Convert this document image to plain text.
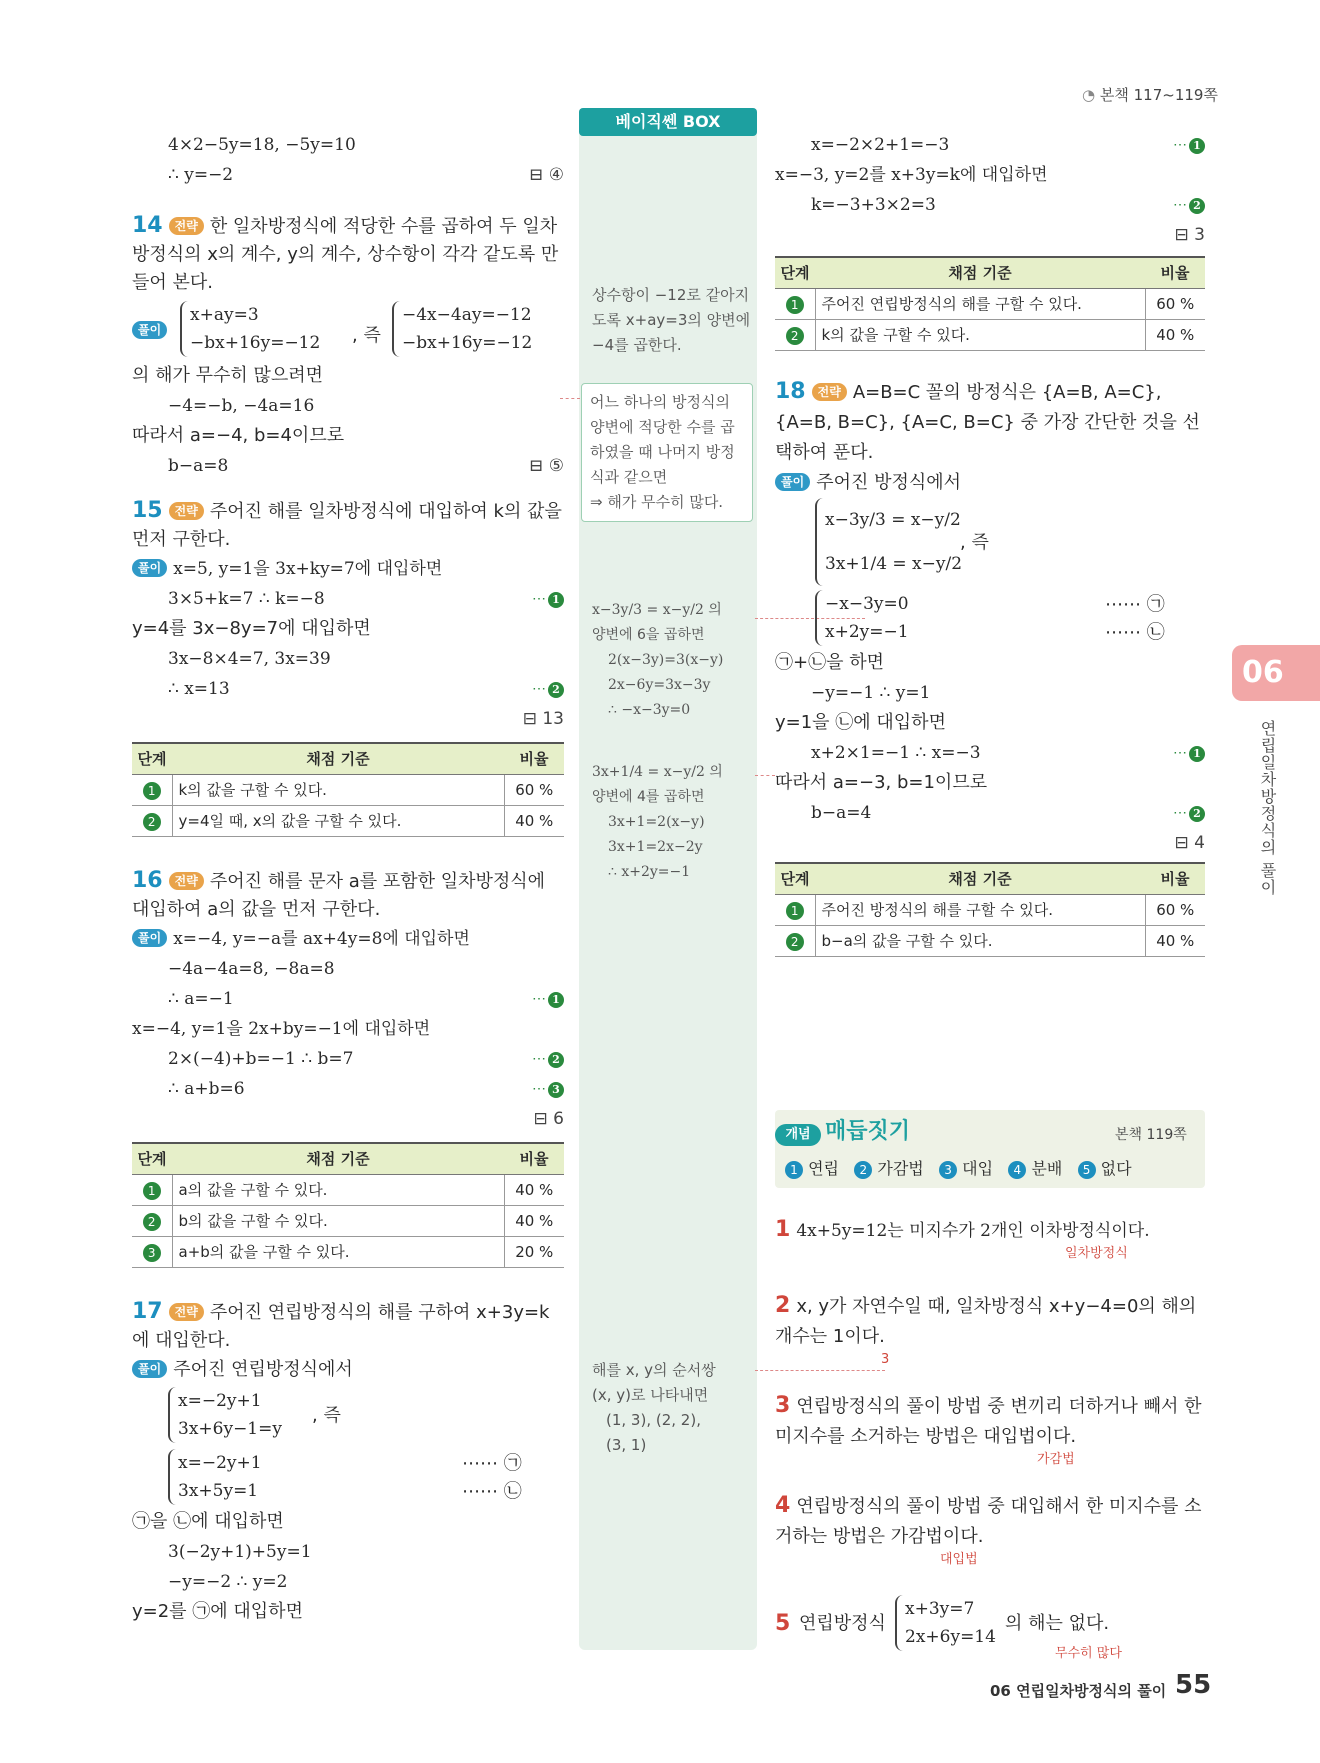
◔ 본책 117~119쪽
베이직쎈 BOX
4×2−5y=18, −5y=10
∴ y=−2	⊟ ④
14 전략 한 일차방정식에 적당한 수를 곱하여 두 일차방정식의 x의 계수, y의 계수, 상수항이 각각 같도록 만들어 본다.
풀이
x+ay=3
−bx+16y=−12 , 즉
−4x−4ay=−12
−bx+16y=−12
의 해가 무수히 많으려면
−4=−b, −4a=16
따라서 a=−4, b=4이므로
b−a=8	⊟ ⑤
15 전략 주어진 해를 일차방정식에 대입하여 k의 값을 먼저 구한다.
풀이 x=5, y=1을 3x+ky=7에 대입하면
3×5+k=7 ∴ k=−8	⋯ 1
y=4를 3x−8y=7에 대입하면
3x−8×4=7, 3x=39
∴ x=13	⋯ 2
⊟ 13
단계	채점 기준	비율
1	k의 값을 구할 수 있다.	60 %
2	y=4일 때, x의 값을 구할 수 있다.	40 %
16 전략 주어진 해를 문자 a를 포함한 일차방정식에 대입하여 a의 값을 먼저 구한다.
풀이 x=−4, y=−a를 ax+4y=8에 대입하면
−4a−4a=8, −8a=8
∴ a=−1	⋯ 1
x=−4, y=1을 2x+by=−1에 대입하면
2×(−4)+b=−1 ∴ b=7	⋯ 2
∴ a+b=6	⋯ 3
⊟ 6
단계	채점 기준	비율
1	a의 값을 구할 수 있다.	40 %
2	b의 값을 구할 수 있다.	40 %
3	a+b의 값을 구할 수 있다.	20 %
17 전략 주어진 연립방정식의 해를 구하여 x+3y=k에 대입한다.
풀이 주어진 연립방정식에서
x=−2y+1
3x+6y−1=y
, 즉
x=−2y+1
3x+5y=1
⋯⋯ ㉠
⋯⋯ ㉡
㉠을 ㉡에 대입하면
3(−2y+1)+5y=1
−y=−2 ∴ y=2
y=2를 ㉠에 대입하면
상수항이 −12로 같아지도록 x+ay=3의 양변에 −4를 곱한다.
어느 하나의 방정식의 양변에 적당한 수를 곱하였을 때 나머지 방정식과 같으면
⇒ 해가 무수히 많다.
x−3y/3 = x−y/2 의
양변에 6을 곱하면
2(x−3y)=3(x−y)
2x−6y=3x−3y
∴ −x−3y=0
3x+1/4 = x−y/2 의
양변에 4를 곱하면
3x+1=2(x−y)
3x+1=2x−2y
∴ x+2y=−1
해를 x, y의 순서쌍
(x, y)로 나타내면
(1, 3), (2, 2),
(3, 1)
x=−2×2+1=−3	⋯ 1
x=−3, y=2를 x+3y=k에 대입하면
k=−3+3×2=3	⋯ 2
⊟ 3
단계	채점 기준	비율
1	주어진 연립방정식의 해를 구할 수 있다.	60 %
2	k의 값을 구할 수 있다.	40 %
18 전략 A=B=C 꼴의 방정식은 {A=B, A=C}, {A=B, B=C}, {A=C, B=C} 중 가장 간단한 것을 선택하여 푼다.
풀이 주어진 방정식에서
x−3y/3 = x−y/2
3x+1/4 = x−y/2
, 즉
−x−3y=0
x+2y=−1
⋯⋯ ㉠
⋯⋯ ㉡
㉠+㉡을 하면
−y=−1 ∴ y=1
y=1을 ㉡에 대입하면
x+2×1=−1 ∴ x=−3	⋯ 1
따라서 a=−3, b=1이므로
b−a=4	⋯ 2
⊟ 4
단계	채점 기준	비율
1	주어진 방정식의 해를 구할 수 있다.	60 %
2	b−a의 값을 구할 수 있다.	40 %
개념 매듭짓기	본책 119쪽
1 연립 2 가감법 3 대입 4 분배 5 없다
1 4x+5y=12는 미지수가 2개인 이차방정식이다.
일차방정식
2 x, y가 자연수일 때, 일차방정식 x+y−4=0의 해의 개수는 1이다.
3
3 연립방정식의 풀이 방법 중 변끼리 더하거나 빼서 한 미지수를 소거하는 방법은 대입법이다.
가감법
4 연립방정식의 풀이 방법 중 대입해서 한 미지수를 소거하는 방법은 가감법이다.
대입법
5 연립방정식
x+3y=7
2x+6y=14
의 해는 없다.
무수히 많다
06
연립일차방정식의 풀이
06 연립일차방정식의 풀이 55
